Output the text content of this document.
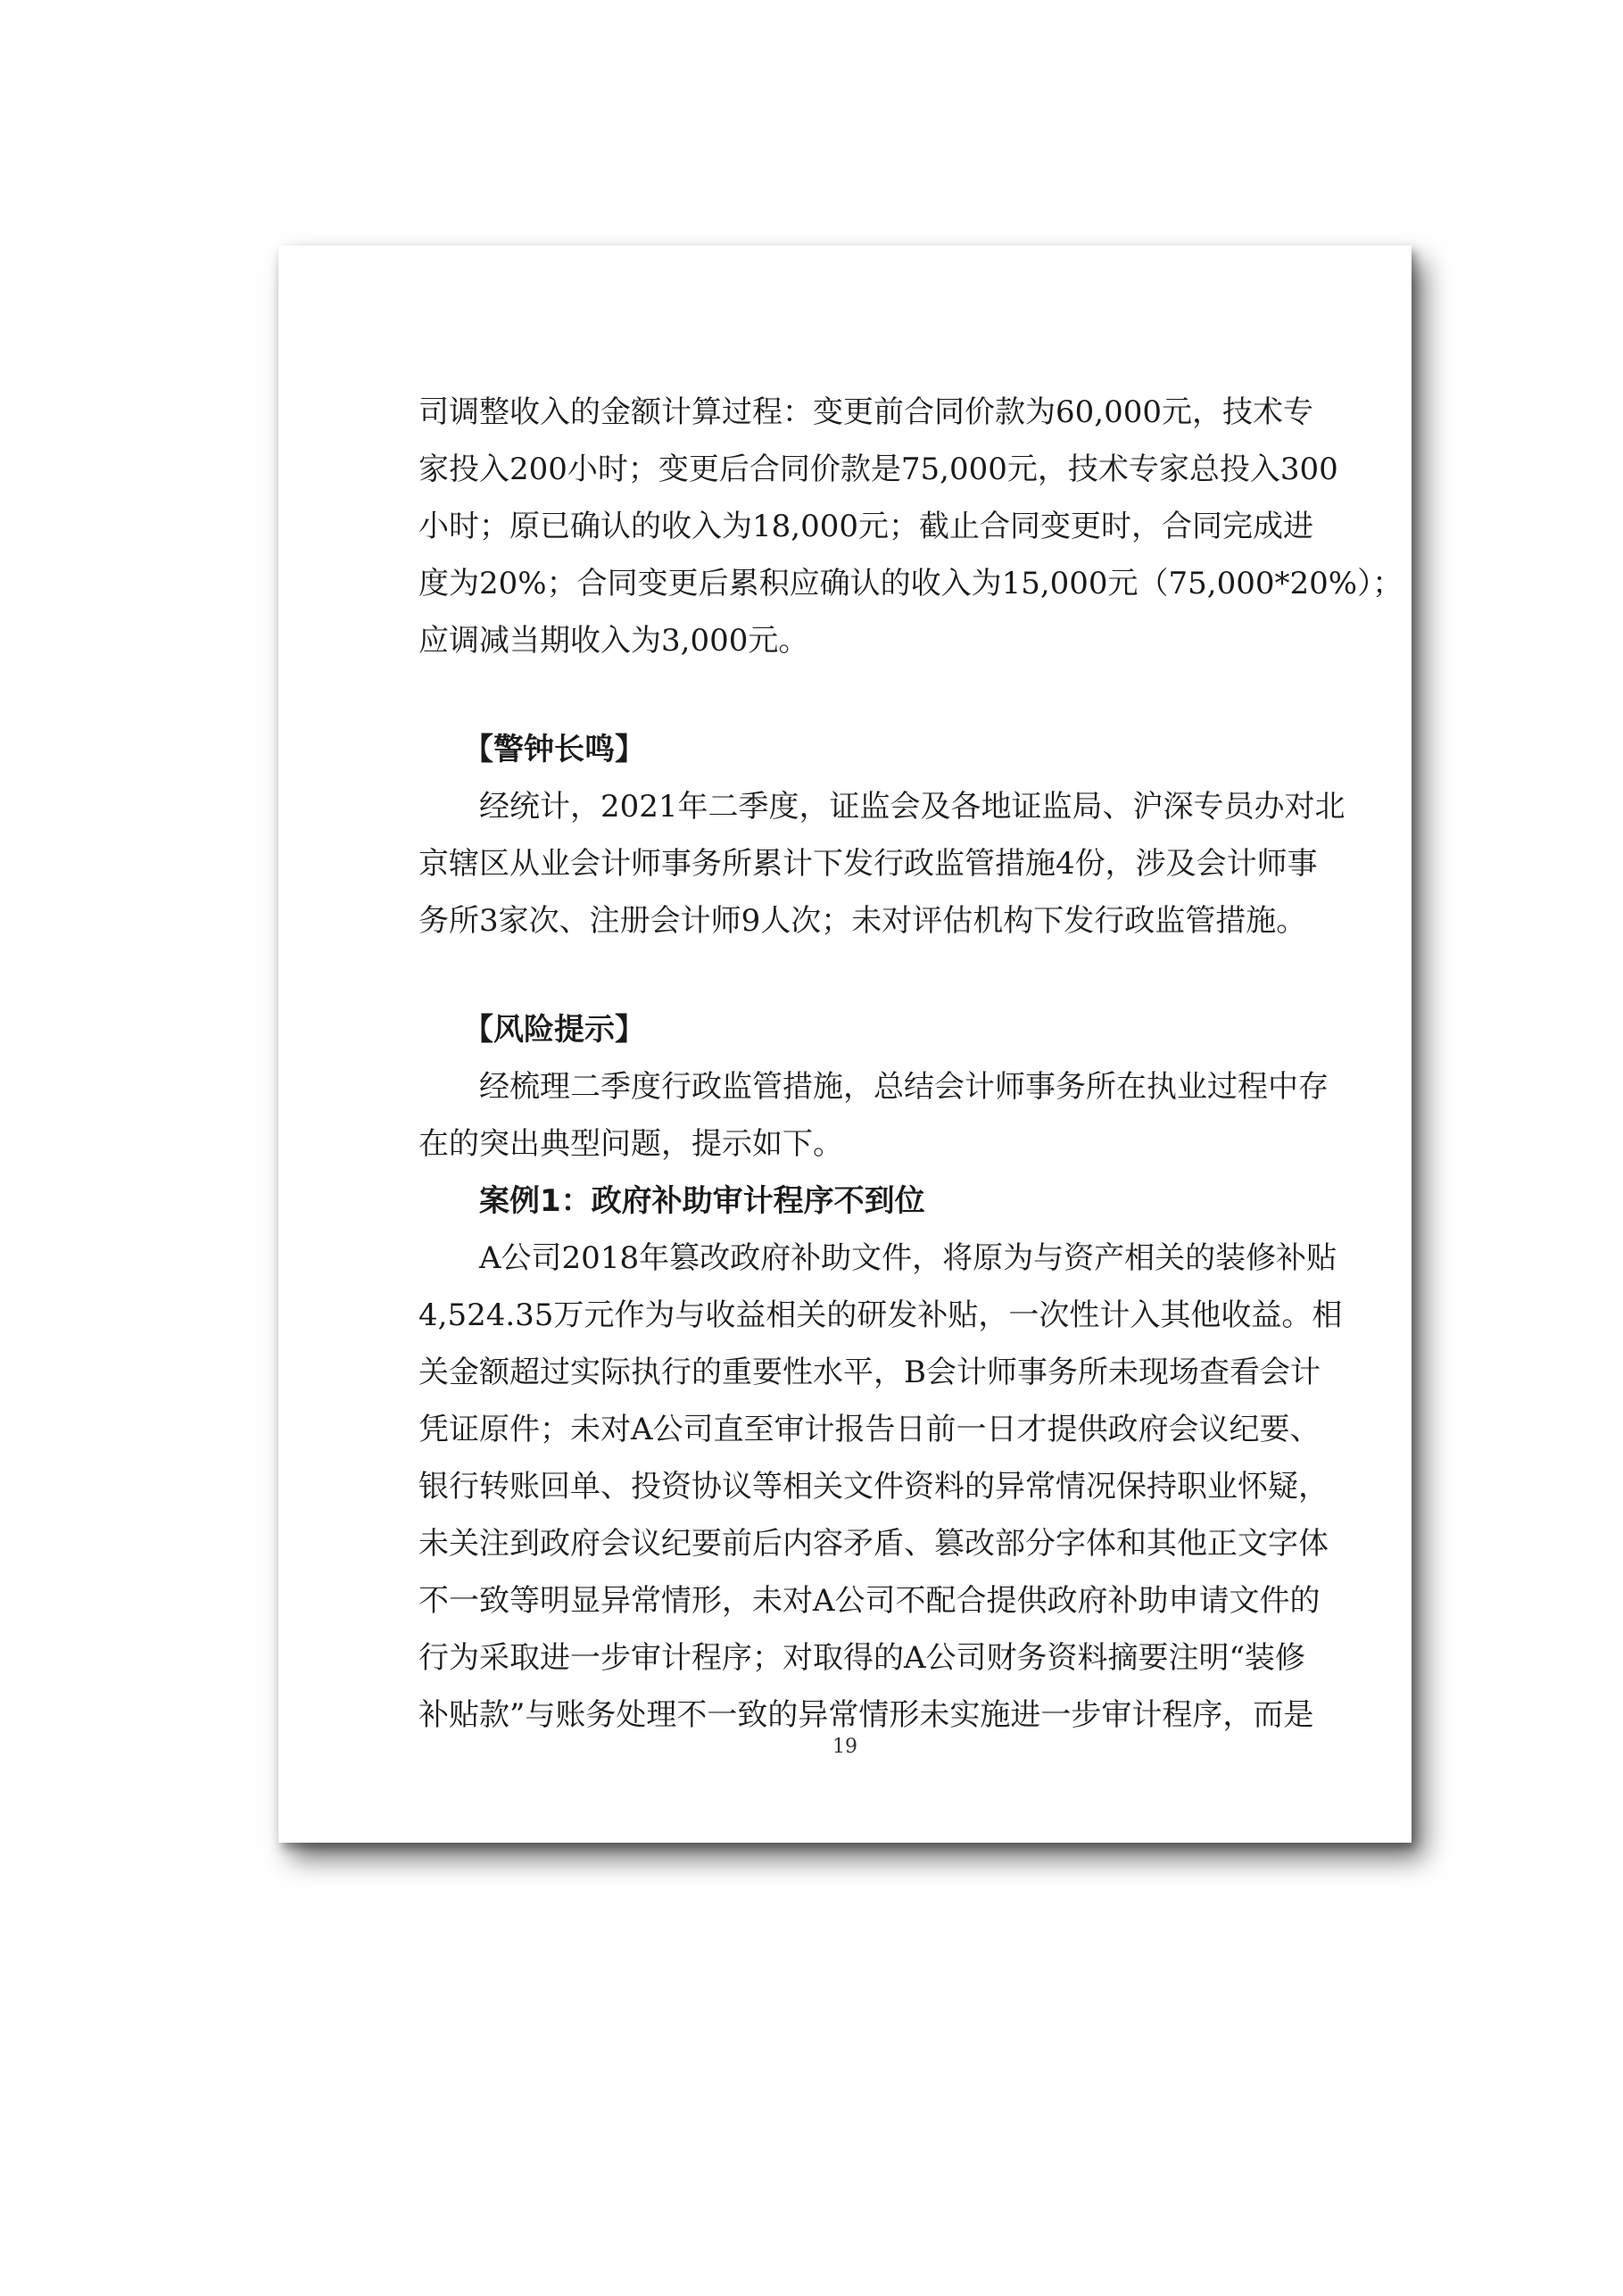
司调整收入的金额计算过程：变更前合同价款为60,000元，技术专
家投入200小时；变更后合同价款是75,000元，技术专家总投入300
小时；原已确认的收入为18,000元；截止合同变更时，合同完成进
度为20%；合同变更后累积应确认的收入为15,000元（75,000*20%）；
应调减当期收入为3,000元。
【警钟长鸣】
经统计，2021年二季度，证监会及各地证监局、沪深专员办对北
京辖区从业会计师事务所累计下发行政监管措施4份，涉及会计师事
务所3家次、注册会计师9人次；未对评估机构下发行政监管措施。
【风险提示】
经梳理二季度行政监管措施，总结会计师事务所在执业过程中存
在的突出典型问题，提示如下。
案例1：政府补助审计程序不到位
A公司2018年篡改政府补助文件，将原为与资产相关的装修补贴
4,524.35万元作为与收益相关的研发补贴，一次性计入其他收益。相
关金额超过实际执行的重要性水平，B会计师事务所未现场查看会计
凭证原件；未对A公司直至审计报告日前一日才提供政府会议纪要、
银行转账回单、投资协议等相关文件资料的异常情况保持职业怀疑，
未关注到政府会议纪要前后内容矛盾、篡改部分字体和其他正文字体
不一致等明显异常情形，未对A公司不配合提供政府补助申请文件的
行为采取进一步审计程序；对取得的A公司财务资料摘要注明“装修
补贴款”与账务处理不一致的异常情形未实施进一步审计程序，而是
19
